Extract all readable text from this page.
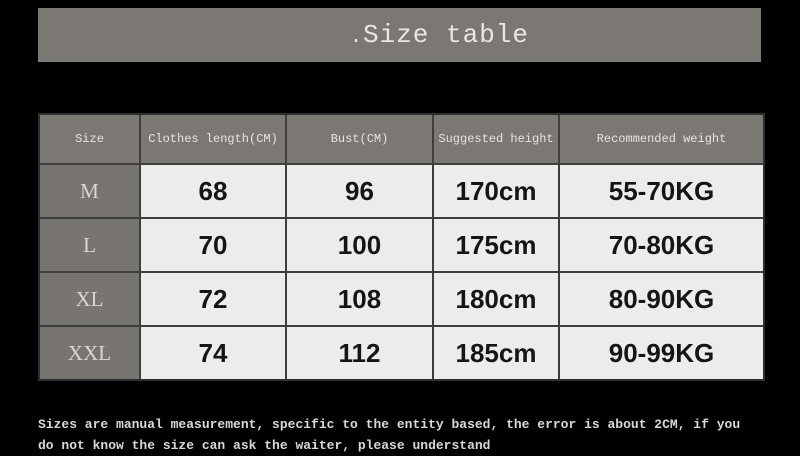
. Size table
Size	Clothes length(CM)	Bust(CM)	Suggested height	Recommended weight
M	68	96	170cm	55-70KG
L	70	100	175cm	70-80KG
XL	72	108	180cm	80-90KG
XXL	74	112	185cm	90-99KG
Sizes are manual measurement, specific to the entity based, the error is about 2CM, if you
do not know the size can ask the waiter, please understand
